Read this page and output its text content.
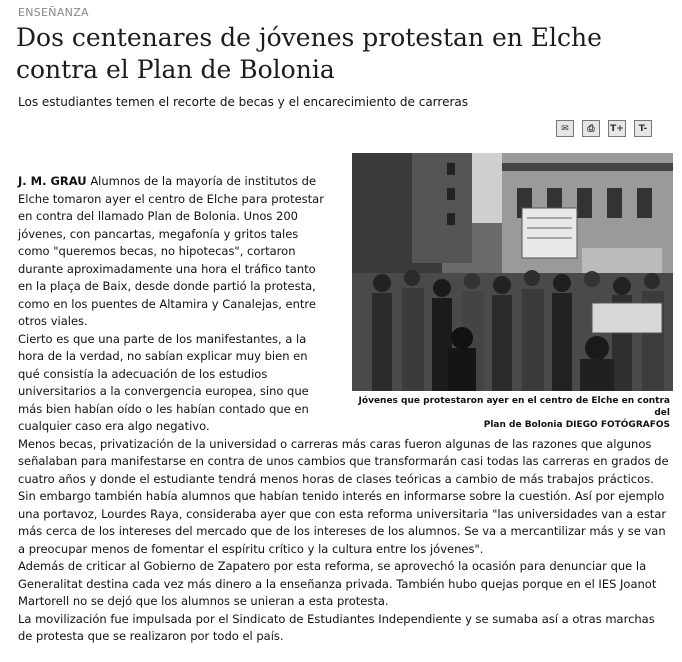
ENSEÑANZA
Dos centenares de jóvenes protestan en Elche contra el Plan de Bolonia
Los estudiantes temen el recorte de becas y el encarecimiento de carreras
✉ ⎙ T+ T-
Jóvenes que protestaron ayer en el centro de Elche en contra del
Plan de Bolonia DIEGO FOTÓGRAFOS

J. M. GRAU Alumnos de la mayoría de institutos de Elche tomaron ayer el centro de Elche para protestar en contra del llamado Plan de Bolonia. Unos 200 jóvenes, con pancartas, megafonía y gritos tales como "queremos becas, no hipotecas", cortaron durante aproximadamente una hora el tráfico tanto en la plaça de Baix, desde donde partió la protesta, como en los puentes de Altamira y Canalejas, entre otros viales.

Cierto es que una parte de los manifestantes, a la hora de la verdad, no sabían explicar muy bien en qué consistía la adecuación de los estudios universitarios a la convergencia europea, sino que más bien habían oído o les habían contado que en cualquier caso era algo negativo.

Menos becas, privatización de la universidad o carreras más caras fueron algunas de las razones que algunos señalaban para manifestarse en contra de unos cambios que transformarán casi todas las carreras en grados de cuatro años y donde el estudiante tendrá menos horas de clases teóricas a cambio de más trabajos prácticos.

Sin embargo también había alumnos que habían tenido interés en informarse sobre la cuestión. Así por ejemplo una portavoz, Lourdes Raya, consideraba ayer que con esta reforma universitaria "las universidades van a estar más cerca de los intereses del mercado que de los intereses de los alumnos. Se va a mercantilizar más y se van a preocupar menos de fomentar el espíritu crítico y la cultura entre los jóvenes".

Además de criticar al Gobierno de Zapatero por esta reforma, se aprovechó la ocasión para denunciar que la Generalitat destina cada vez más dinero a la enseñanza privada. También hubo quejas porque en el IES Joanot Martorell no se dejó que los alumnos se unieran a esta protesta.

La movilización fue impulsada por el Sindicato de Estudiantes Independiente y se sumaba así a otras marchas de protesta que se realizaron por todo el país.
